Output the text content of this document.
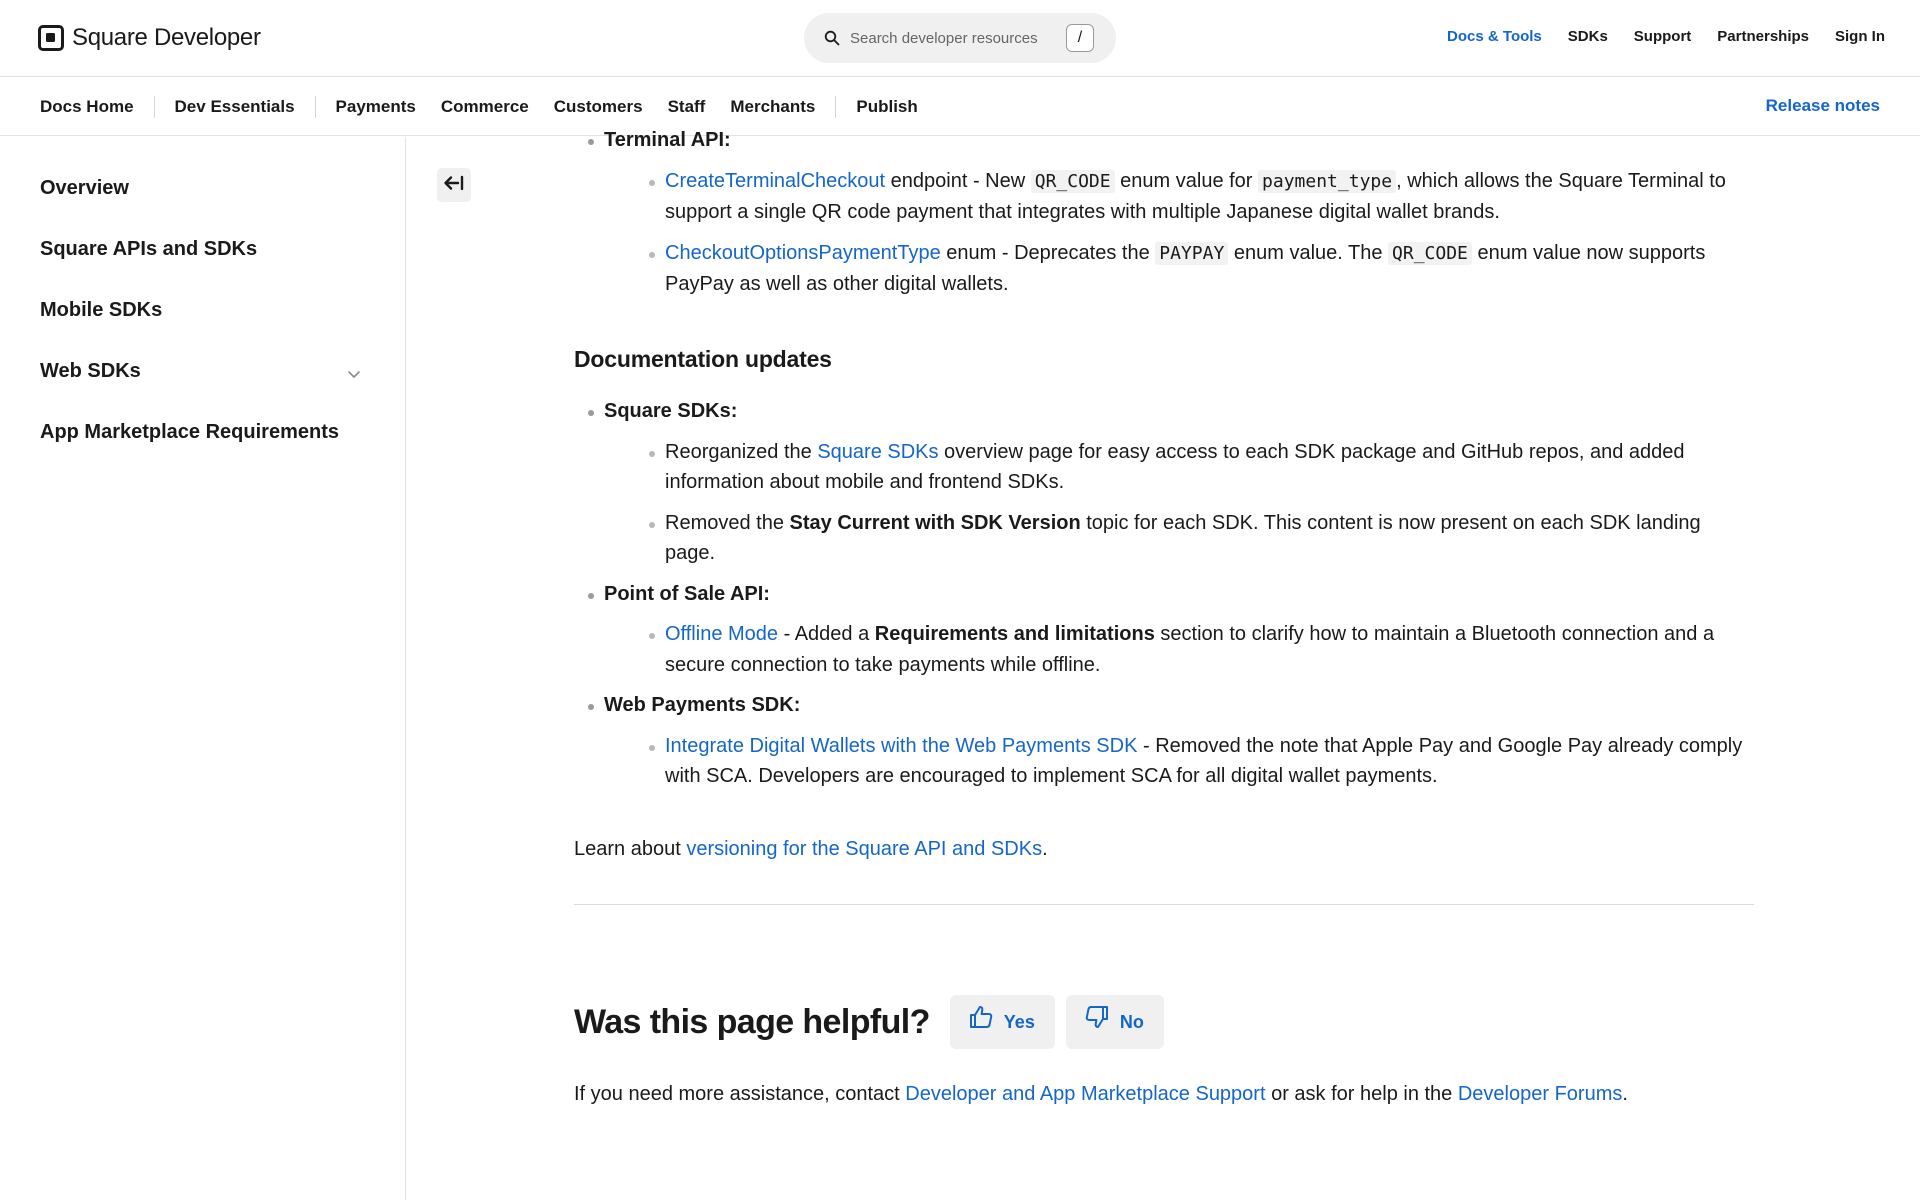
Square Developer
Search developer resources	/	Docs & Tools SDKs Support Partnerships Sign In
Docs Home Dev Essentials Payments Commerce Customers Staff Merchants Publish	Release notes
Overview
Square APIs and SDKs
Mobile SDKs
Web SDKs
App Marketplace Requirements
Terminal API:
CreateTerminalCheckout endpoint - New QR_CODE enum value for payment_type , which allows the Square Terminal to support a single QR code payment that integrates with multiple Japanese digital wallet brands.
CheckoutOptionsPaymentType enum - Deprecates the PAYPAY enum value. The QR_CODE enum value now supports PayPay as well as other digital wallets.
Documentation updates
Square SDKs:
Reorganized the Square SDKs overview page for easy access to each SDK package and GitHub repos, and added information about mobile and frontend SDKs.
Removed the Stay Current with SDK Version topic for each SDK. This content is now present on each SDK landing page.
Point of Sale API:
Offline Mode - Added a Requirements and limitations section to clarify how to maintain a Bluetooth connection and a secure connection to take payments while offline.
Web Payments SDK:
Integrate Digital Wallets with the Web Payments SDK - Removed the note that Apple Pay and Google Pay already comply with SCA. Developers are encouraged to implement SCA for all digital wallet payments.

Learn about versioning for the Square API and SDKs.

Was this page helpful?	Yes	No

If you need more assistance, contact Developer and App Marketplace Support or ask for help in the Developer Forums.
